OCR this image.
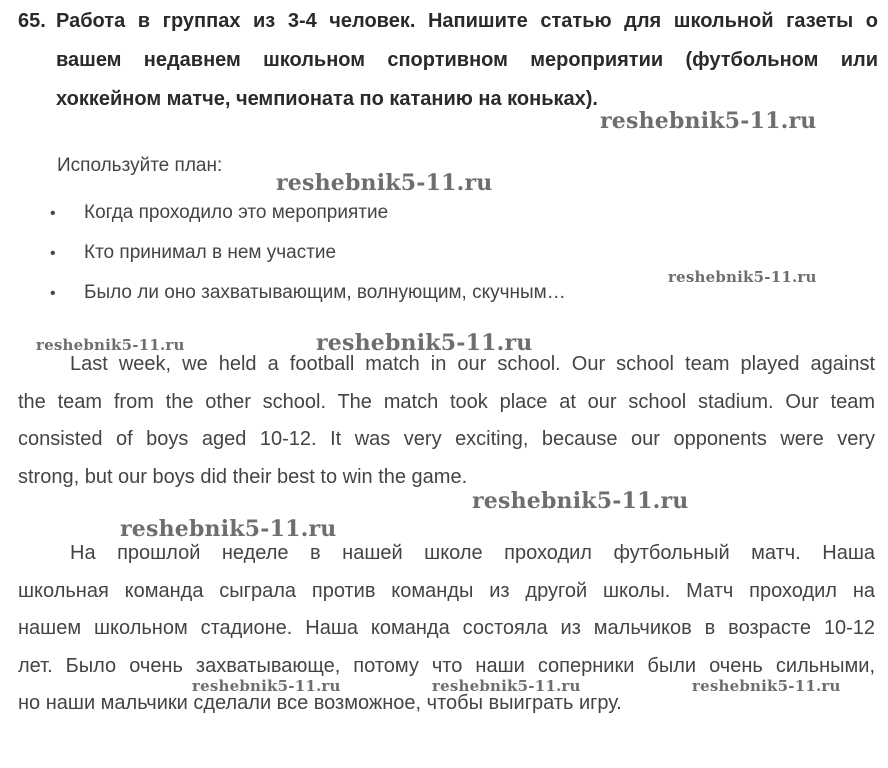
65. Работа в группах из 3-4 человек. Напишите статью для школьной газеты о
вашем недавнем школьном спортивном мероприятии (футбольном или
хоккейном матче, чемпионата по катанию на коньках).
Используйте план:
• Когда проходило это мероприятие
• Кто принимал в нем участие
• Было ли оно захватывающим, волнующим, скучным…
Last week, we held a football match in our school. Our school team played against
the team from the other school. The match took place at our school stadium. Our team
consisted of boys aged 10-12. It was very exciting, because our opponents were very
strong, but our boys did their best to win the game.
На прошлой неделе в нашей школе проходил футбольный матч. Наша
школьная команда сыграла против команды из другой школы. Матч проходил на
нашем школьном стадионе. Наша команда состояла из мальчиков в возрасте 10-12
лет. Было очень захватывающе, потому что наши соперники были очень сильными,
но наши мальчики сделали все возможное, чтобы выиграть игру.
reshebnik5-11.ru
reshebnik5-11.ru
reshebnik5-11.ru
reshebnik5-11.ru	reshebnik5-11.ru
reshebnik5-11.ru
reshebnik5-11.ru
reshebnik5-11.ru	reshebnik5-11.ru	reshebnik5-11.ru
